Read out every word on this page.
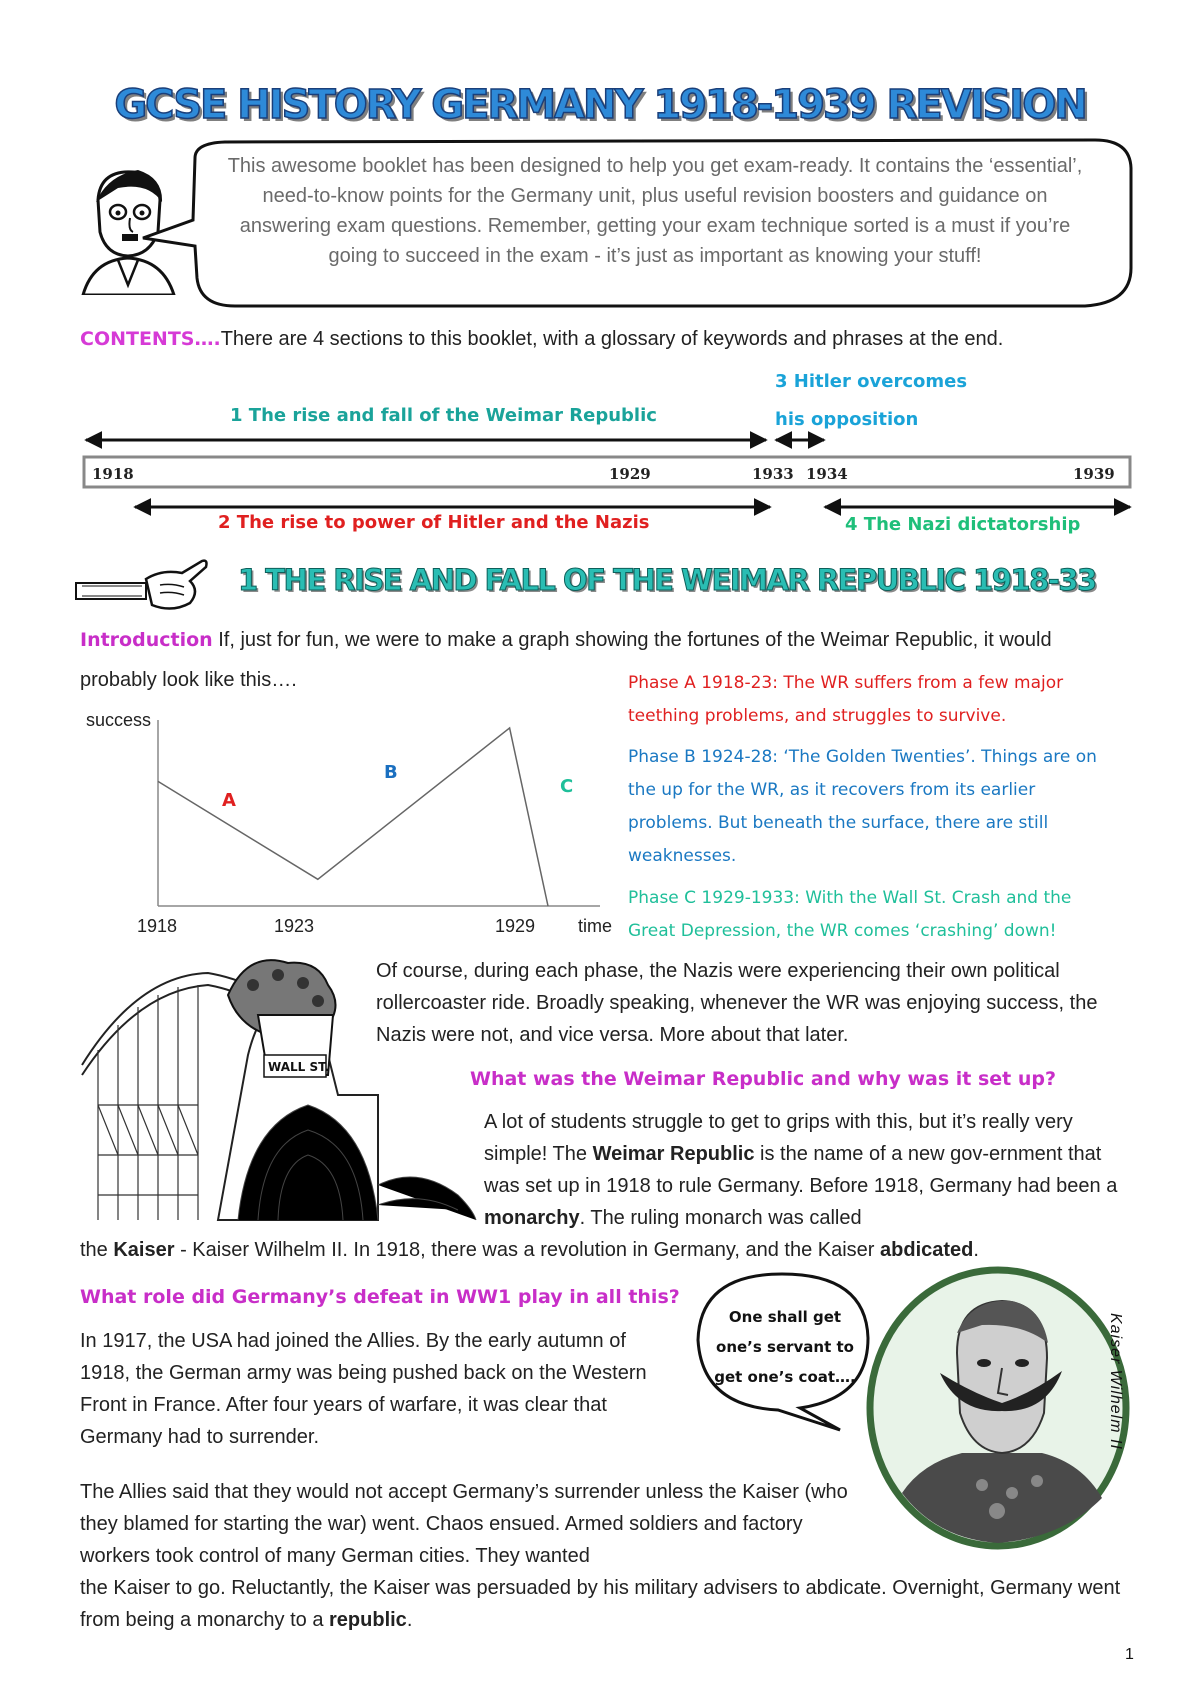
GCSE HISTORY GERMANY 1918-1939 REVISION
This awesome booklet has been designed to help you get exam-ready. It contains the ‘essential’, need-to-know points for the Germany unit, plus useful revision boosters and guidance on answering exam questions. Remember, getting your exam technique sorted is a must if you’re going to succeed in the exam - it’s just as important as knowing your stuff!
CONTENTS….There are 4 sections to this booklet, with a glossary of keywords and phrases at the end.
1918	1929	1933 1934	1939
1 The rise and fall of the Weimar Republic
2 The rise to power of Hitler and the Nazis
3 Hitler overcomes
his opposition
4 The Nazi dictatorship
1 THE RISE AND FALL OF THE WEIMAR REPUBLIC 1918-33
Introduction If, just for fun, we were to make a graph showing the fortunes of the Weimar Republic, it would probably look like this….
success
time
1918	1923	1929
A
B
C
Phase A 1918-23: The WR suffers from a few major teething problems, and struggles to survive.
Phase B 1924-28: ‘The Golden Twenties’. Things are on the up for the WR, as it recovers from its earlier problems. But beneath the surface, there are still weaknesses.
Phase C 1929-1933: With the Wall St. Crash and the Great Depression, the WR comes ‘crashing’ down!
WALL ST.
Of course, during each phase, the Nazis were experiencing their own political rollercoaster ride. Broadly speaking, whenever the WR was enjoying success, the Nazis were not, and vice versa. More about that later.
What was the Weimar Republic and why was it set up?
A lot of students struggle to get to grips with this, but it’s really very simple! The Weimar Republic is the name of a new gov-ernment that was set up in 1918 to rule Germany. Before 1918, Germany had been a monarchy. The ruling monarch was called
the Kaiser - Kaiser Wilhelm II. In 1918, there was a revolution in Germany, and the Kaiser abdicated.
What role did Germany’s defeat in WW1 play in all this?
In 1917, the USA had joined the Allies. By the early autumn of 1918, the German army was being pushed back on the Western Front in France. After four years of warfare, it was clear that Germany had to surrender.
The Allies said that they would not accept Germany’s surrender unless the Kaiser (who they blamed for starting the war) went. Chaos ensued. Armed soldiers and factory workers took control of many German cities. They wanted
the Kaiser to go. Reluctantly, the Kaiser was persuaded by his military advisers to abdicate. Overnight, Germany went from being a monarchy to a republic.
One shall get one’s servant to get one’s coat….	Kaiser Wilhelm II
1
